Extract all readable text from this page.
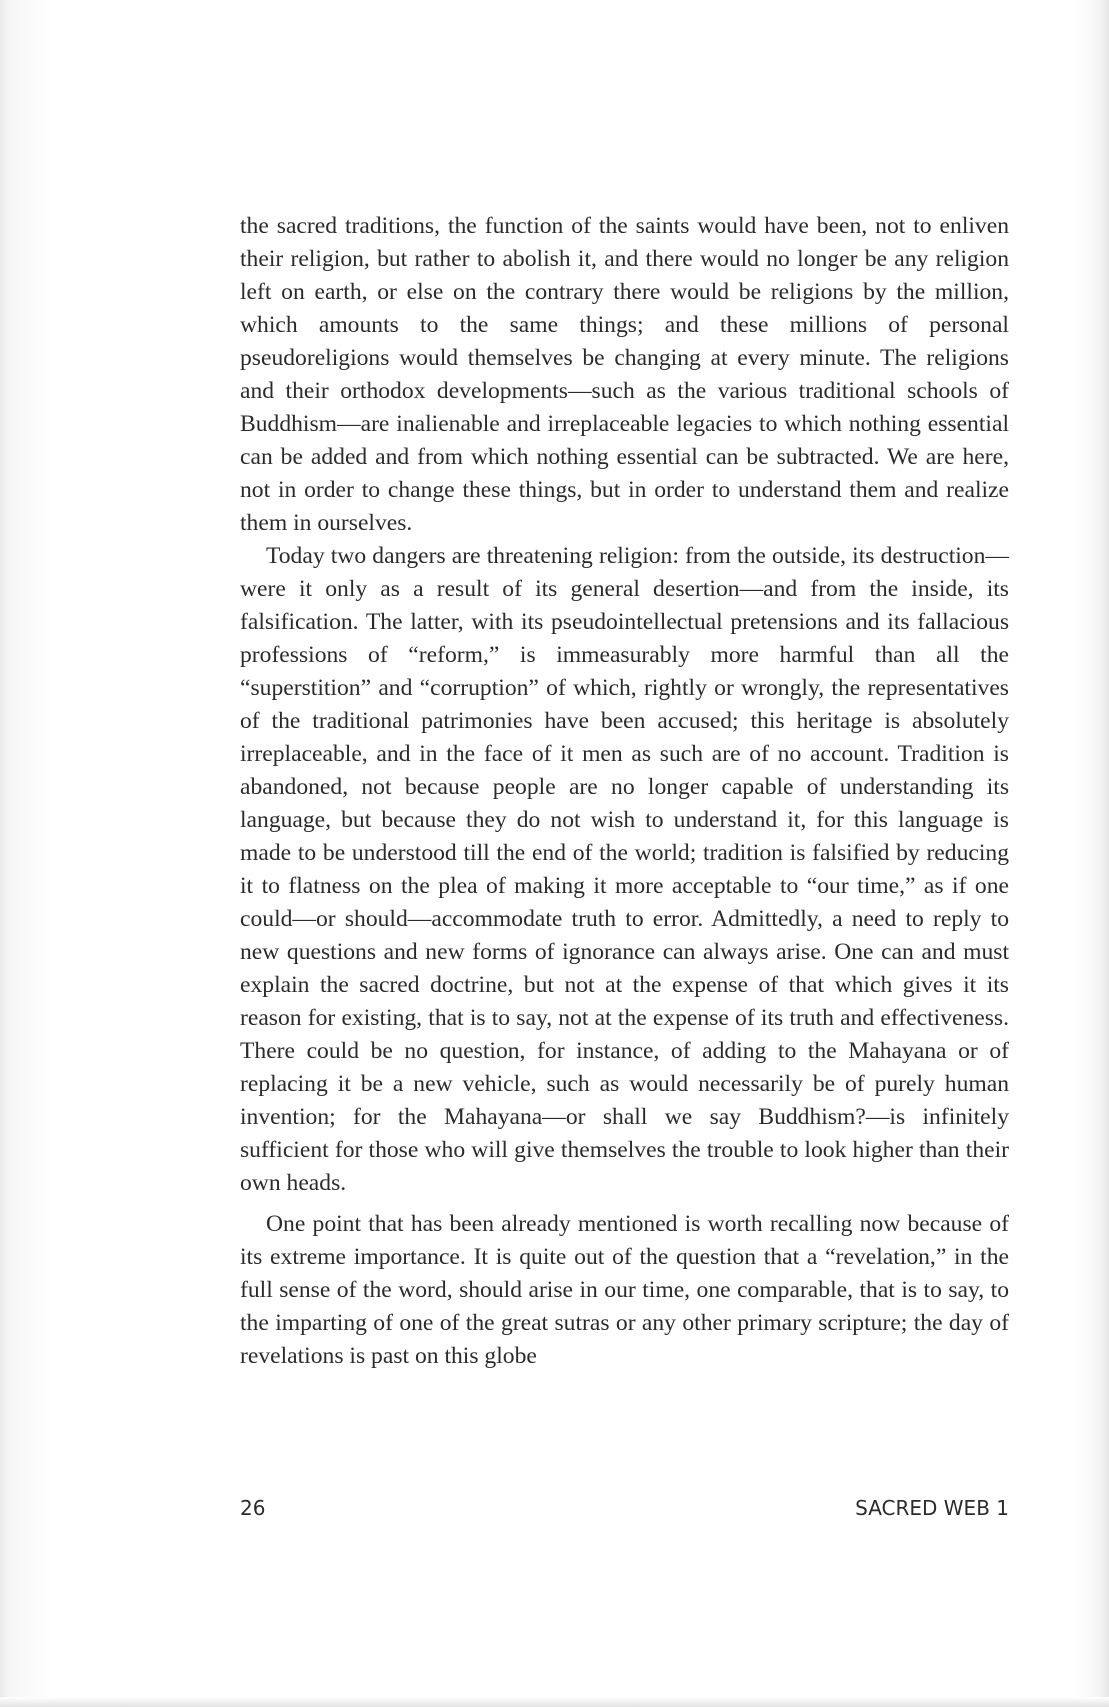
the sacred traditions, the function of the saints would have been, not to enliven their religion, but rather to abolish it, and there would no longer be any religion left on earth, or else on the contrary there would be religions by the million, which amounts to the same things; and these millions of personal pseudoreligions would themselves be changing at every minute. The religions and their orthodox developments—such as the various traditional schools of Buddhism—are inalienable and irreplaceable legacies to which nothing essential can be added and from which nothing essential can be subtracted. We are here, not in order to change these things, but in order to understand them and realize them in ourselves.

Today two dangers are threatening religion: from the outside, its destruction—were it only as a result of its general desertion—and from the inside, its falsification. The latter, with its pseudointellectual pretensions and its fallacious professions of “reform,” is immeasurably more harmful than all the “superstition” and “corruption” of which, rightly or wrongly, the representatives of the traditional patrimonies have been accused; this heritage is absolutely irreplaceable, and in the face of it men as such are of no account. Tradition is abandoned, not because people are no longer capable of understanding its language, but because they do not wish to understand it, for this language is made to be understood till the end of the world; tradition is falsified by reducing it to flatness on the plea of making it more acceptable to “our time,” as if one could—or should—accommodate truth to error. Admittedly, a need to reply to new questions and new forms of ignorance can always arise. One can and must explain the sacred doctrine, but not at the expense of that which gives it its reason for existing, that is to say, not at the expense of its truth and effectiveness. There could be no question, for instance, of adding to the Mahayana or of replacing it be a new vehicle, such as would necessarily be of purely human invention; for the Mahayana—or shall we say Buddhism?—is infinitely sufficient for those who will give themselves the trouble to look higher than their own heads.

One point that has been already mentioned is worth recalling now because of its extreme importance. It is quite out of the question that a “revelation,” in the full sense of the word, should arise in our time, one comparable, that is to say, to the imparting of one of the great sutras or any other primary scripture; the day of revelations is past on this globe

26	SACRED WEB 1
